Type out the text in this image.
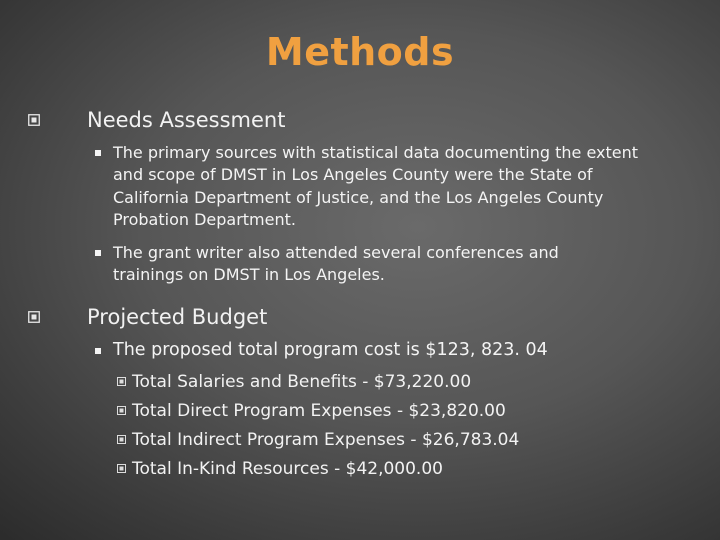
Methods
Needs Assessment
The primary sources with statistical data documenting the extent and scope of DMST in Los Angeles County were the State of California Department of Justice, and the Los Angeles County Probation Department.
The grant writer also attended several conferences and trainings on DMST in Los Angeles.
Projected Budget
The proposed total program cost is $123, 823. 04
Total Salaries and Benefits - $73,220.00
Total Direct Program Expenses - $23,820.00
Total Indirect Program Expenses - $26,783.04
Total In-Kind Resources - $42,000.00
